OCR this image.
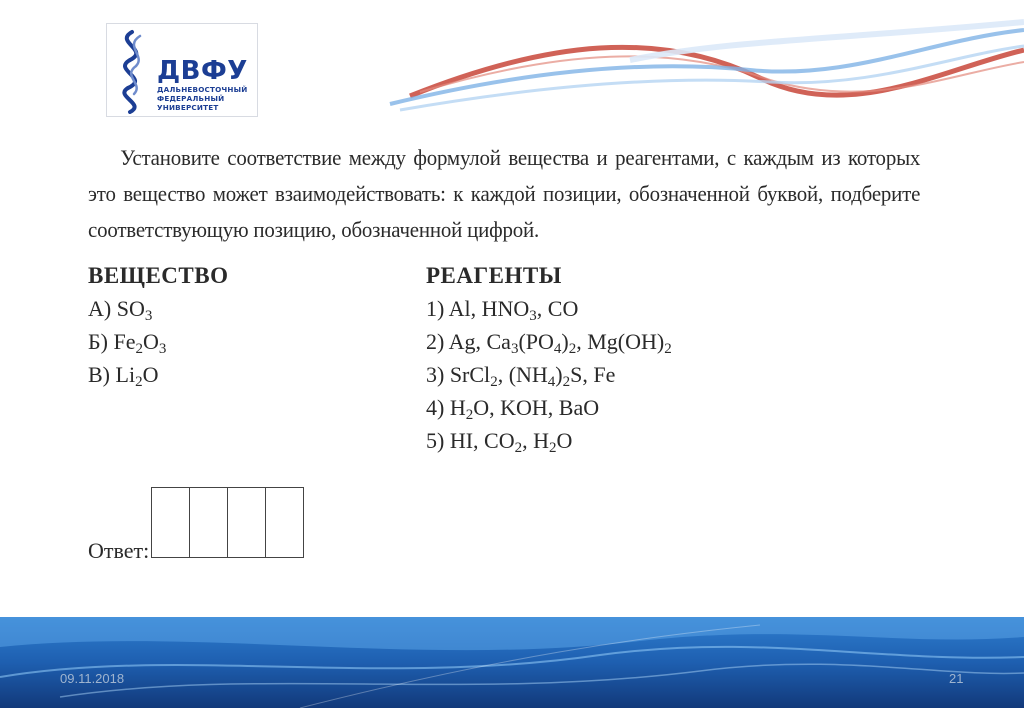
ДВФУ
ДАЛЬНЕВОСТОЧНЫЙ
ФЕДЕРАЛЬНЫЙ
УНИВЕРСИТЕТ

Установите соответствие между формулой вещества и реагентами, с каждым из которых это вещество может взаимодействовать: к каждой позиции, обозначенной буквой, подберите соответствующую позицию, обозначенной цифрой.

ВЕЩЕСТВО	РЕАГЕНТЫ
А) $SO_3$
Б) $Fe_2O_3$
В) $Li_2O$
1) Al, $HNO_3$, CO
2) Ag, $Ca_3(PO_4)_2$, $Mg(OH)_2$
3) SrCl$_2$, $(NH_4)_2S$, Fe
4) $H_2O$, KOH, BaO
5) HI, $CO_2$, $H_2O$
Ответ:
09.11.2018	21
